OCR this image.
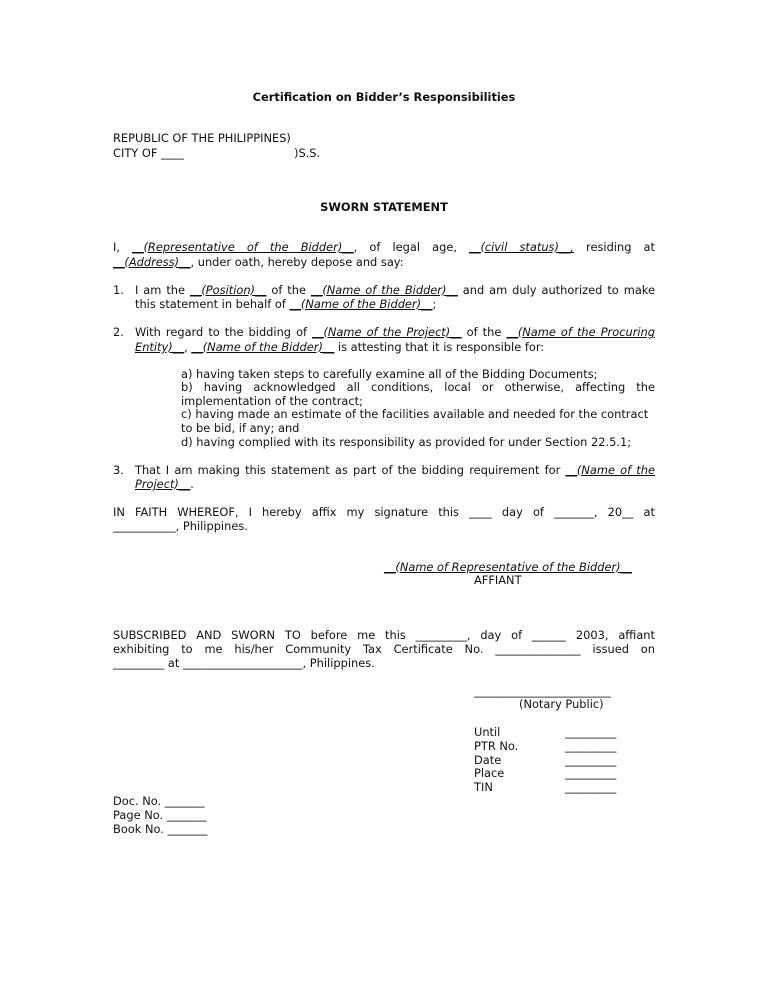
Certification on Bidder’s Responsibilities
REPUBLIC OF THE PHILIPPINES)
CITY OF ____	)S.S.
SWORN STATEMENT
I, __(Representative of the Bidder)__, of legal age, __(civil status)__, residing at
__(Address)__, under oath, hereby depose and say:
1. I am the __(Position)__ of the __(Name of the Bidder)__ and am duly authorized to make
this statement in behalf of __(Name of the Bidder)__;
2. With regard to the bidding of __(Name of the Project)__ of the __(Name of the Procuring
Entity)__, __(Name of the Bidder)__ is attesting that it is responsible for:
a) having taken steps to carefully examine all of the Bidding Documents;
b) having acknowledged all conditions, local or otherwise, affecting the
implementation of the contract;
c) having made an estimate of the facilities available and needed for the contract
to be bid, if any; and
d) having complied with its responsibility as provided for under Section 22.5.1;
3. That I am making this statement as part of the bidding requirement for __(Name of the
Project)__.
IN FAITH WHEREOF, I hereby affix my signature this ____ day of _______, 20__ at
___________, Philippines.
__(Name of Representative of the Bidder)__
AFFIANT
SUBSCRIBED AND SWORN TO before me this _________, day of ______ 2003, affiant
exhibiting to me his/her Community Tax Certificate No. _______________ issued on
_________ at _____________________, Philippines.
________________________
(Notary Public)
Until	_________
PTR No.	_________
Date	_________
Place	_________
TIN	_________
Doc. No. _______
Page No. _______
Book No. _______
